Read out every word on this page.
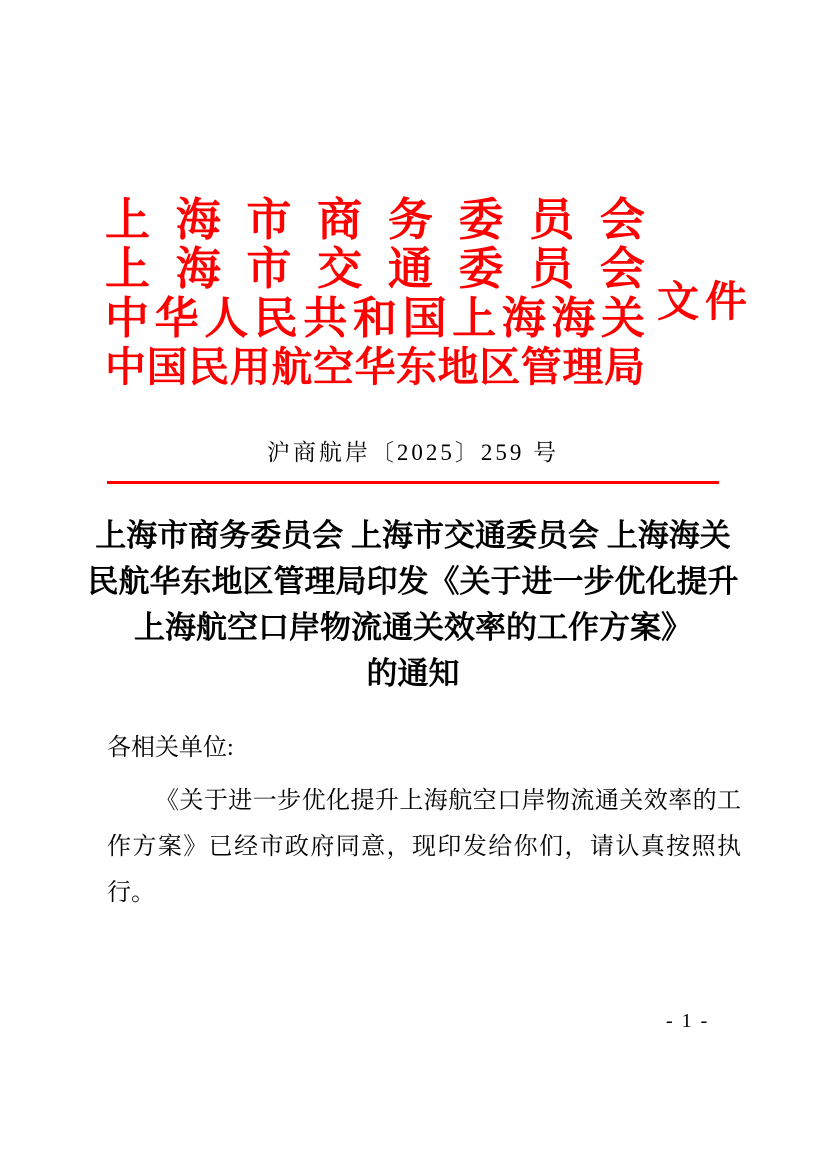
上 海 市 商 务 委 员 会
上 海 市 交 通 委 员 会
中 华 人 民 共 和 国 上 海 海 关
中 国 民 用 航 空 华 东 地 区 管 理 局
文件
沪商航岸〔2025〕259 号
上海市商务委员会 上海市交通委员会 上海海关
民航华东地区管理局印发《关于进一步优化提升
上海航空口岸物流通关效率的工作方案》
的通知
各相关单位:
《关于进一步优化提升上海航空口岸物流通关效率的工作方案》已经市政府同意，现印发给你们，请认真按照执行。
- 1 -
